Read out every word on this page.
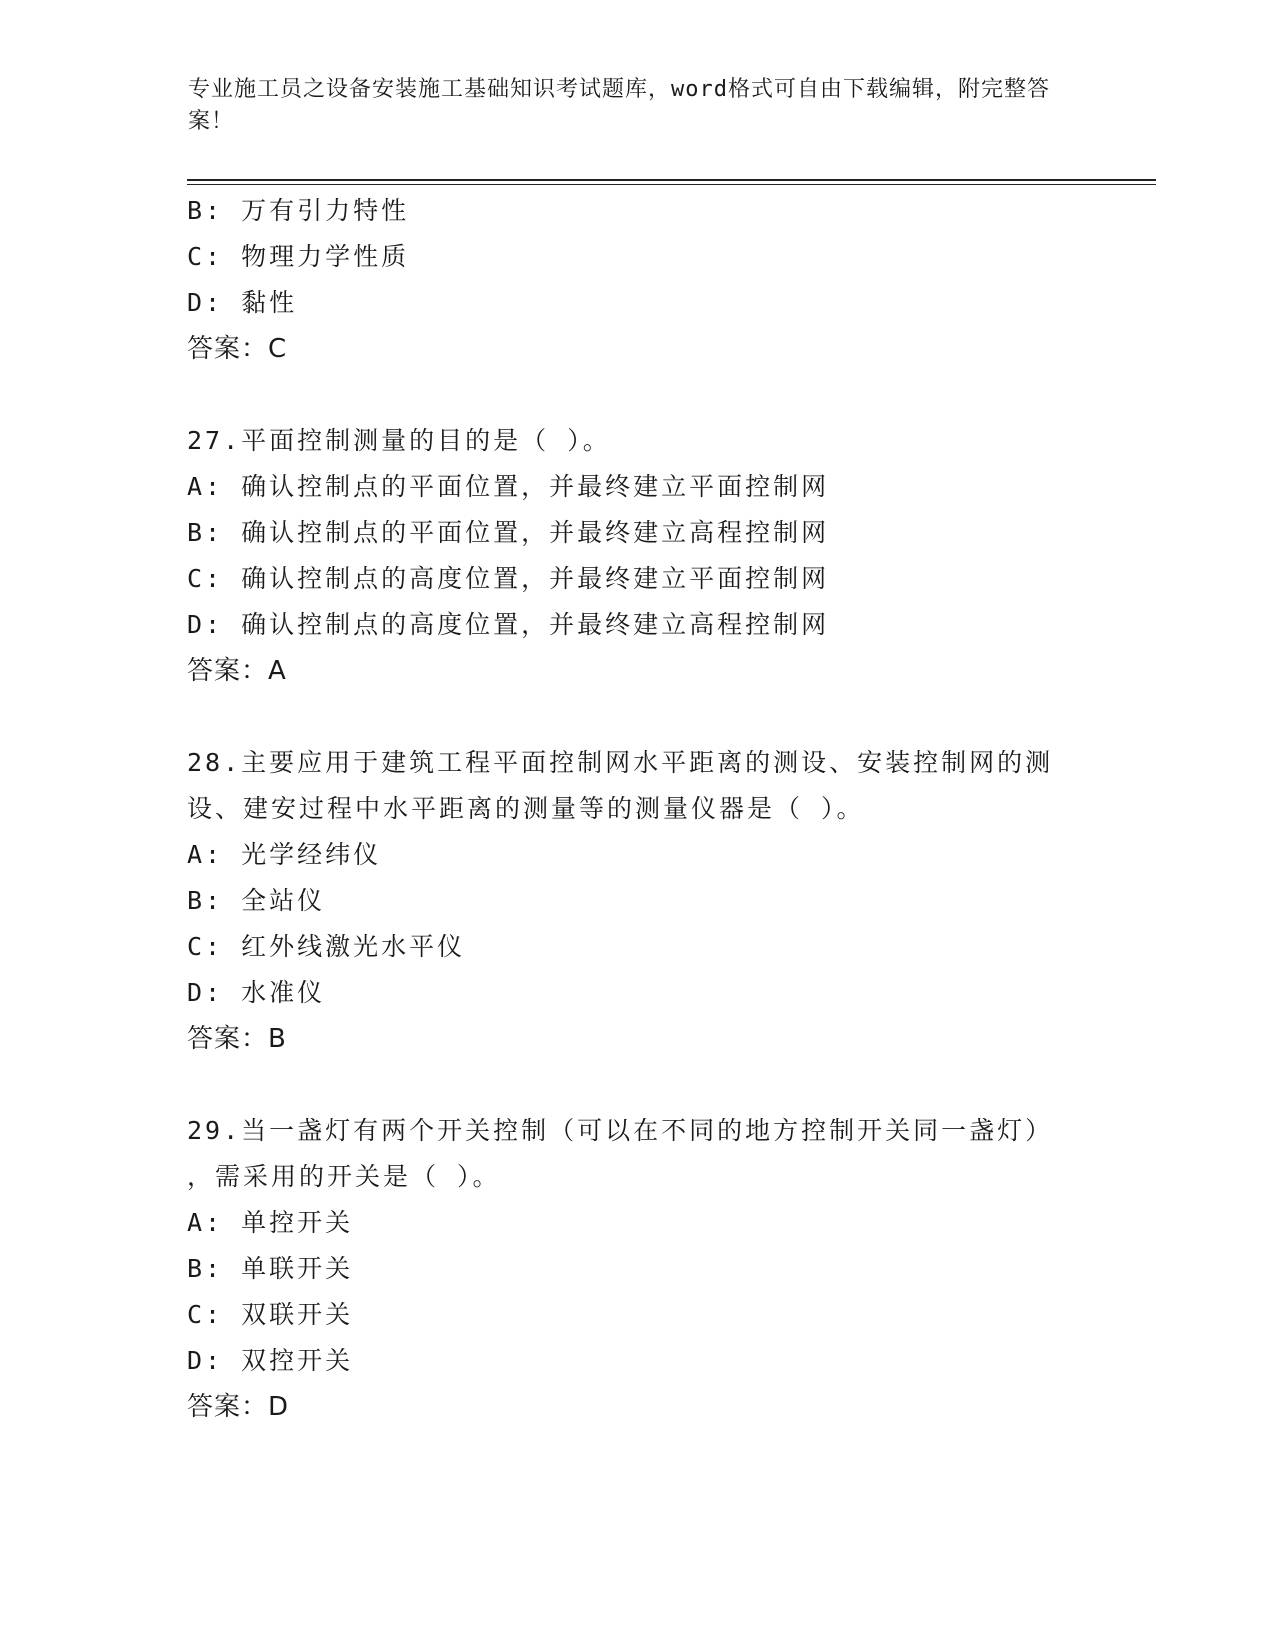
专业施工员之设备安装施工基础知识考试题库，word格式可自由下载编辑，附完整答案！
B: 万有引力特性
C: 物理力学性质
D: 黏性
答案：C
27.平面控制测量的目的是（ ）。
A: 确认控制点的平面位置，并最终建立平面控制网
B: 确认控制点的平面位置，并最终建立高程控制网
C: 确认控制点的高度位置，并最终建立平面控制网
D: 确认控制点的高度位置，并最终建立高程控制网
答案：A
28.主要应用于建筑工程平面控制网水平距离的测设、安装控制网的测
设、建安过程中水平距离的测量等的测量仪器是（ ）。
A: 光学经纬仪
B: 全站仪
C: 红外线激光水平仪
D: 水准仪
答案：B
29.当一盏灯有两个开关控制（可以在不同的地方控制开关同一盏灯）
，需采用的开关是（ ）。
A: 单控开关
B: 单联开关
C: 双联开关
D: 双控开关
答案：D
